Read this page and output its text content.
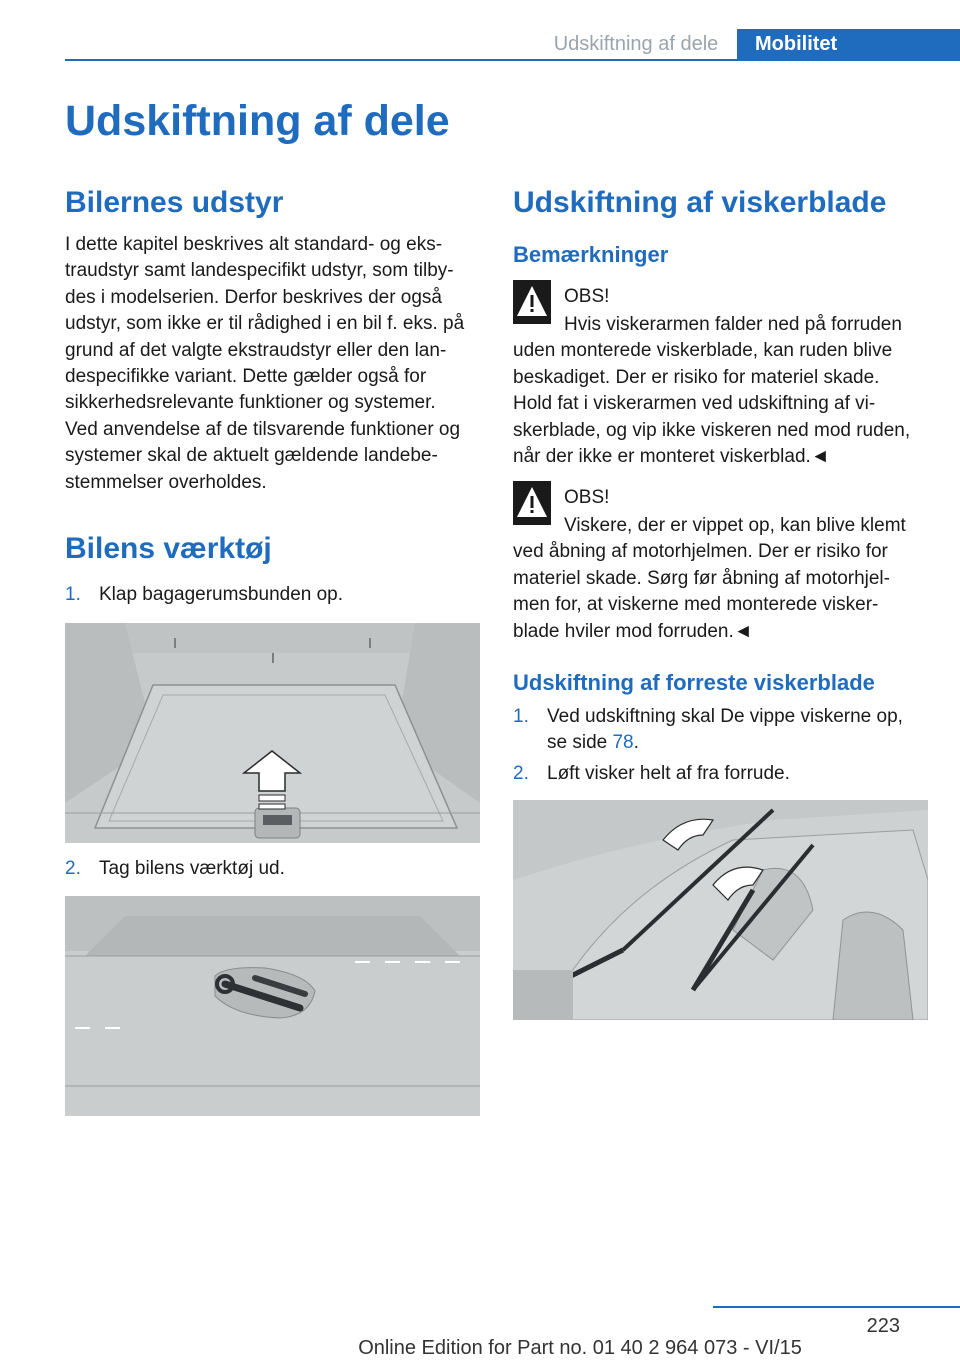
Udskiftning af dele	Mobilitet
Udskiftning af dele
Bilernes udstyr
I dette kapitel beskrives alt standard- og eks‐
traudstyr samt landespecifikt udstyr, som tilby‐
des i modelserien. Derfor beskrives der også
udstyr, som ikke er til rådighed i en bil f. eks. på
grund af det valgte ekstraudstyr eller den lan‐
despecifikke variant. Dette gælder også for
sikkerhedsrelevante funktioner og systemer.
Ved anvendelse af de tilsvarende funktioner og
systemer skal de aktuelt gældende landebe‐
stemmelser overholdes.
Bilens værktøj
1. Klap bagagerumsbunden op.
2. Tag bilens værktøj ud.
Udskiftning af viskerblade
Bemærkninger
OBS!
Hvis viskerarmen falder ned på forruden
uden monterede viskerblade, kan ruden blive
beskadiget. Der er risiko for materiel skade.
Hold fat i viskerarmen ved udskiftning af vi‐
skerblade, og vip ikke viskeren ned mod ruden,
når der ikke er monteret viskerblad.◄
OBS!
Viskere, der er vippet op, kan blive klemt
ved åbning af motorhjelmen. Der er risiko for
materiel skade. Sørg før åbning af motorhjel‐
men for, at viskerne med monterede visker‐
blade hviler mod forruden.◄
Udskiftning af forreste viskerblade
1. Ved udskiftning skal De vippe viskerne op,
se side 78.
2. Løft visker helt af fra forrude.
223
Online Edition for Part no. 01 40 2 964 073 - VI/15
